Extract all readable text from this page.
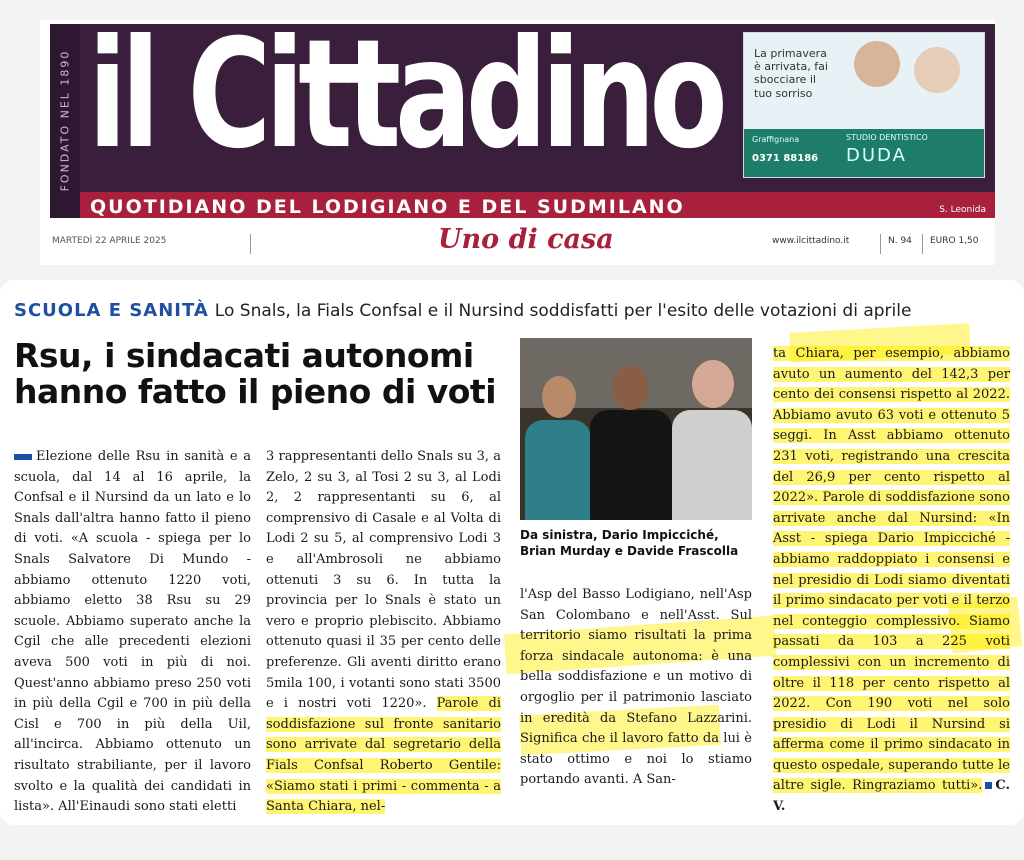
FONDATO NEL 1890 il Cittadino
QUOTIDIANO DEL LODIGIANO E DEL SUDMILANO	S. Leonida
La primavera è arrivata, fai sbocciare il tuo sorriso
Graffignana
0371 88186
STUDIO DENTISTICO
DUDA
MARTEDÌ 22 APRILE 2025	Uno di casa	www.ilcittadino.it	N. 94 EURO 1,50
SCUOLA E SANITÀ Lo Snals, la Fials Confsal e il Nursind soddisfatti per l'esito delle votazioni di aprile
Rsu, i sindacati autonomi hanno fatto il pieno di voti
Elezione delle Rsu in sanità e a scuola, dal 14 al 16 aprile, la Confsal e il Nursind da un lato e lo Snals dall'altra hanno fatto il pieno di voti. «A scuola - spiega per lo Snals Salvatore Di Mundo - abbiamo ottenuto 1220 voti, abbiamo eletto 38 Rsu su 29 scuole. Abbiamo superato anche la Cgil che alle precedenti elezioni aveva 500 voti in più di noi. Quest'anno abbiamo preso 250 voti in più della Cgil e 700 in più della Cisl e 700 in più della Uil, all'incirca. Abbiamo ottenuto un risultato strabiliante, per il lavoro svolto e la qualità dei candidati in lista». All'Einaudi sono stati eletti
3 rappresentanti dello Snals su 3, a Zelo, 2 su 3, al Tosi 2 su 3, al Lodi 2, 2 rappresentanti su 6, al comprensivo di Casale e al Volta di Lodi 2 su 5, al comprensivo Lodi 3 e all'Ambrosoli ne abbiamo ottenuti 3 su 6. In tutta la provincia per lo Snals è stato un vero e proprio plebiscito. Abbiamo ottenuto quasi il 35 per cento delle preferenze. Gli aventi diritto erano 5mila 100, i votanti sono stati 3500 e i nostri voti 1220». Parole di soddisfazione sul fronte sanitario sono arrivate dal segretario della Fials Confsal Roberto Gentile: «Siamo stati i primi - commenta - a Santa Chiara, nel-
Da sinistra, Dario Impicciché, Brian Murday e Davide Frascolla
l'Asp del Basso Lodigiano, nell'Asp San Colombano e nell'Asst. Sul territorio siamo risultati la prima forza sindacale autonoma: è una bella soddisfazione e un motivo di orgoglio per il patrimonio lasciato in eredità da Stefano Lazzarini. Significa che il lavoro fatto da lui è stato ottimo e noi lo stiamo portando avanti. A San-
ta Chiara, per esempio, abbiamo avuto un aumento del 142,3 per cento dei consensi rispetto al 2022. Abbiamo avuto 63 voti e ottenuto 5 seggi. In Asst abbiamo ottenuto 231 voti, registrando una crescita del 26,9 per cento rispetto al 2022». Parole di soddisfazione sono arrivate anche dal Nursind: «In Asst - spiega Dario Impicciché - abbiamo raddoppiato i consensi e nel presidio di Lodi siamo diventati il primo sindacato per voti e il terzo nel conteggio complessivo. Siamo passati da 103 a 225 voti complessivi con un incremento di oltre il 118 per cento rispetto al 2022. Con 190 voti nel solo presidio di Lodi il Nursind si afferma come il primo sindacato in questo ospedale, superando tutte le altre sigle. Ringraziamo tutti». C. V.
